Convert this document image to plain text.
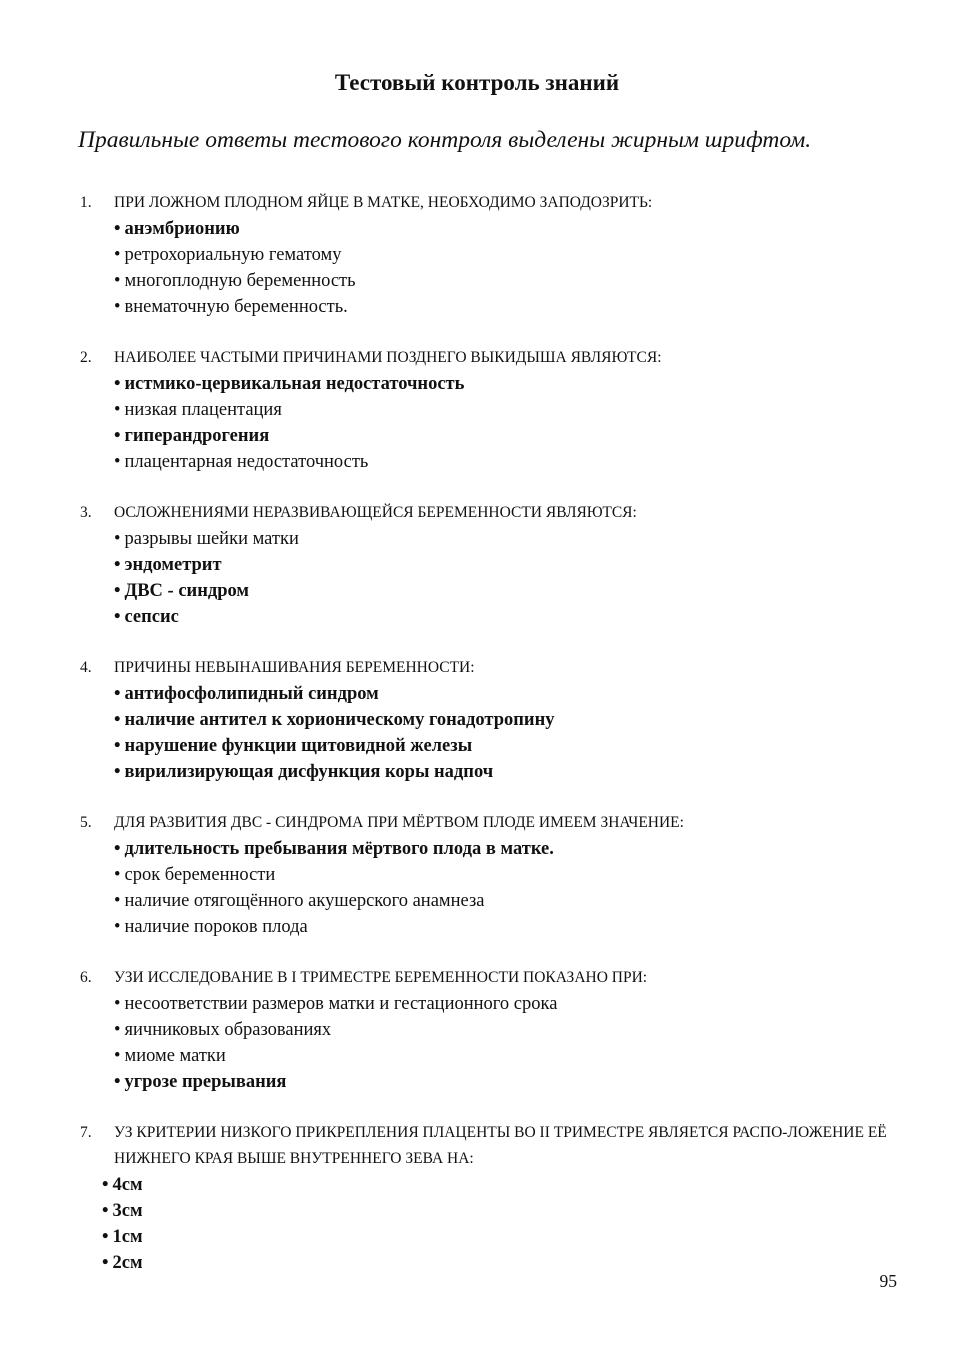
Тестовый контроль знаний

Правильные ответы тестового контроля выделены жирным шрифтом.

1.	ПРИ ЛОЖНОМ ПЛОДНОМ ЯЙЦЕ В МАТКЕ, НЕОБХОДИМО ЗАПОДОЗРИТЬ:
• анэмбрионию
• ретрохориальную гематому
• многоплодную беременность
• внематочную беременность.
2.	НАИБОЛЕЕ ЧАСТЫМИ ПРИЧИНАМИ ПОЗДНЕГО ВЫКИДЫША ЯВЛЯЮТСЯ:
• истмико-цервикальная недостаточность
• низкая плацентация
• гиперандрогения
• плацентарная недостаточность
3.	ОСЛОЖНЕНИЯМИ НЕРАЗВИВАЮЩЕЙСЯ БЕРЕМЕННОСТИ ЯВЛЯЮТСЯ:
• разрывы шейки матки
• эндометрит
• ДВС - синдром
• сепсис
4.	ПРИЧИНЫ НЕВЫНАШИВАНИЯ БЕРЕМЕННОСТИ:
• антифосфолипидный синдром
• наличие антител к хорионическому гонадотропину
• нарушение функции щитовидной железы
• вирилизирующая дисфункция коры надпоч
5.	ДЛЯ РАЗВИТИЯ ДВС - СИНДРОМА ПРИ МЁРТВОМ ПЛОДЕ ИМЕЕМ ЗНАЧЕНИЕ:
• длительность пребывания мёртвого плода в матке.
• срок беременности
• наличие отягощённого акушерского анамнеза
• наличие пороков плода
6.	УЗИ ИССЛЕДОВАНИЕ В I ТРИМЕСТРЕ БЕРЕМЕННОСТИ ПОКАЗАНО ПРИ:
• несоответствии размеров матки и гестационного срока
• яичниковых образованиях
• миоме матки
• угрозе прерывания
7.	УЗ КРИТЕРИИ НИЗКОГО ПРИКРЕПЛЕНИЯ ПЛАЦЕНТЫ ВО II ТРИМЕСТРЕ ЯВЛЯЕТСЯ РАСПО-ЛОЖЕНИЕ ЕЁ НИЖНЕГО КРАЯ ВЫШЕ ВНУТРЕННЕГО ЗЕВА НА:
• 4см
• 3см
• 1см
• 2см
95
